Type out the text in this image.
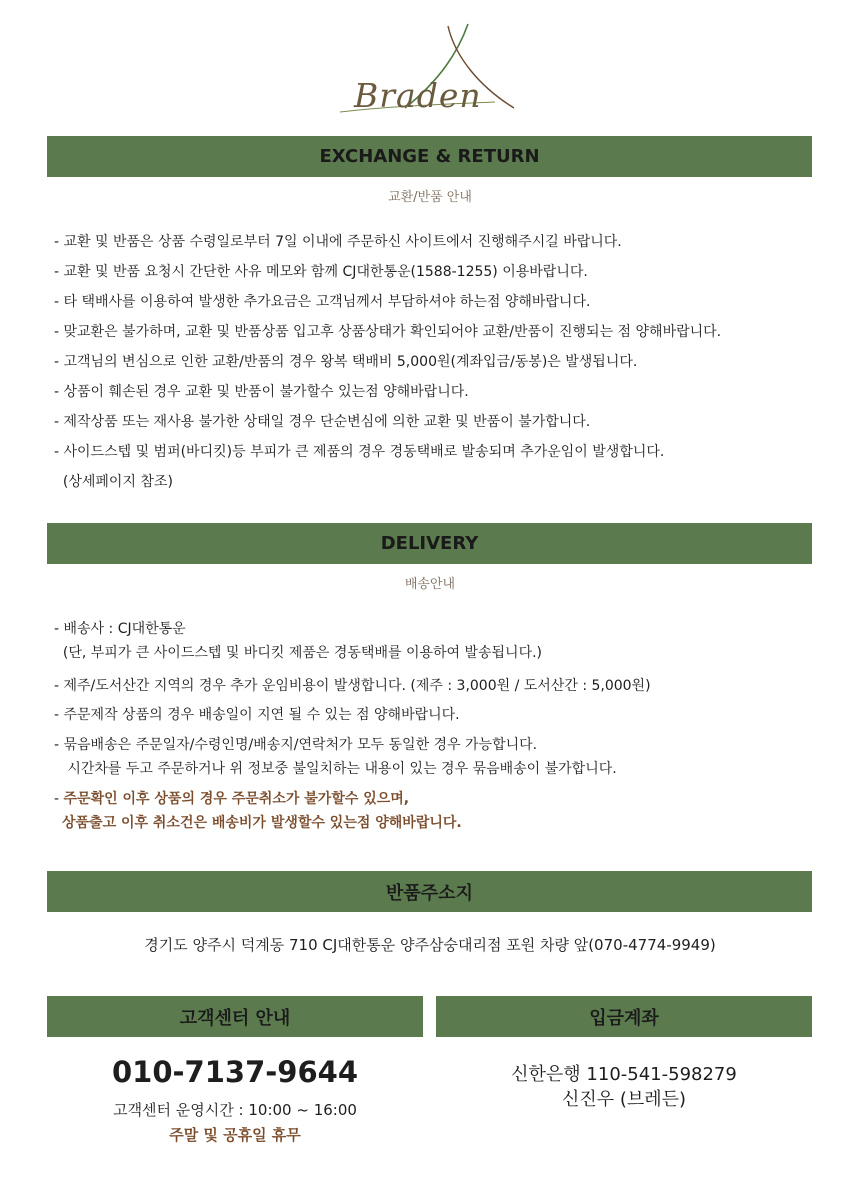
Braden
EXCHANGE & RETURN
교환/반품 안내
- 교환 및 반품은 상품 수령일로부터 7일 이내에 주문하신 사이트에서 진행해주시길 바랍니다.
- 교환 및 반품 요청시 간단한 사유 메모와 함께 CJ대한통운(1588-1255) 이용바랍니다.
- 타 택배사를 이용하여 발생한 추가요금은 고객님께서 부담하셔야 하는점 양해바랍니다.
- 맞교환은 불가하며, 교환 및 반품상품 입고후 상품상태가 확인되어야 교환/반품이 진행되는 점 양해바랍니다.
- 고객님의 변심으로 인한 교환/반품의 경우 왕복 택배비 5,000원(계좌입금/동봉)은 발생됩니다.
- 상품이 훼손된 경우 교환 및 반품이 불가할수 있는점 양해바랍니다.
- 제작상품 또는 재사용 불가한 상태일 경우 단순변심에 의한 교환 및 반품이 불가합니다.
- 사이드스텝 및 범퍼(바디킷)등 부피가 큰 제품의 경우 경동택배로 발송되며 추가운임이 발생합니다.
(상세페이지 참조)
DELIVERY
배송안내
- 배송사 : CJ대한통운
(단, 부피가 큰 사이드스텝 및 바디킷 제품은 경동택배를 이용하여 발송됩니다.)
- 제주/도서산간 지역의 경우 추가 운임비용이 발생합니다. (제주 : 3,000원 / 도서산간 : 5,000원)
- 주문제작 상품의 경우 배송일이 지연 될 수 있는 점 양해바랍니다.
- 묶음배송은 주문일자/수령인명/배송지/연락처가 모두 동일한 경우 가능합니다.
시간차를 두고 주문하거나 위 정보중 불일치하는 내용이 있는 경우 묶음배송이 불가합니다.
- 주문확인 이후 상품의 경우 주문취소가 불가할수 있으며,
상품출고 이후 취소건은 배송비가 발생할수 있는점 양해바랍니다.
반품주소지
경기도 양주시 덕계동 710 CJ대한통운 양주삼숭대리점 포원 차량 앞(070-4774-9949)
고객센터 안내
010-7137-9644
고객센터 운영시간 : 10:00 ~ 16:00
주말 및 공휴일 휴무
입금계좌
신한은행 110-541-598279
신진우 (브레든)
